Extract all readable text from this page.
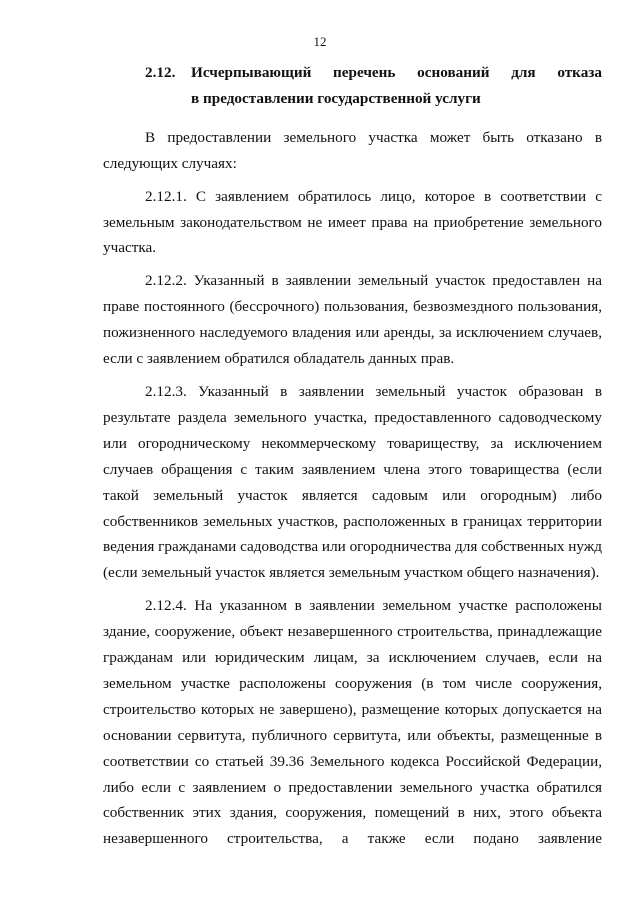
12
2.12.	Исчерпывающий перечень оснований для отказа
в предоставлении государственной услуги

В предоставлении земельного участка может быть отказано в следующих случаях:

2.12.1. С заявлением обратилось лицо, которое в соответствии с земельным законодательством не имеет права на приобретение земельного участка.

2.12.2. Указанный в заявлении земельный участок предоставлен на праве постоянного (бессрочного) пользования, безвозмездного пользования, пожизненного наследуемого владения или аренды, за исключением случаев, если с заявлением обратился обладатель данных прав.

2.12.3. Указанный в заявлении земельный участок образован в результате раздела земельного участка, предоставленного садоводческому или огородническому некоммерческому товариществу, за исключением случаев обращения с таким заявлением члена этого товарищества (если такой земельный участок является садовым или огородным) либо собственников земельных участков, расположенных в границах территории ведения гражданами садоводства или огородничества для собственных нужд (если земельный участок является земельным участком общего назначения).

2.12.4. На указанном в заявлении земельном участке расположены здание, сооружение, объект незавершенного строительства, принадлежащие гражданам или юридическим лицам, за исключением случаев, если на земельном участке расположены сооружения (в том числе сооружения, строительство которых не завершено), размещение которых допускается на основании сервитута, публичного сервитута, или объекты, размещенные в соответствии со статьей 39.36 Земельного кодекса Российской Федерации, либо если с заявлением о предоставлении земельного участка обратился собственник этих здания, сооружения, помещений в них, этого объекта незавершенного строительства, а также если подано заявление
